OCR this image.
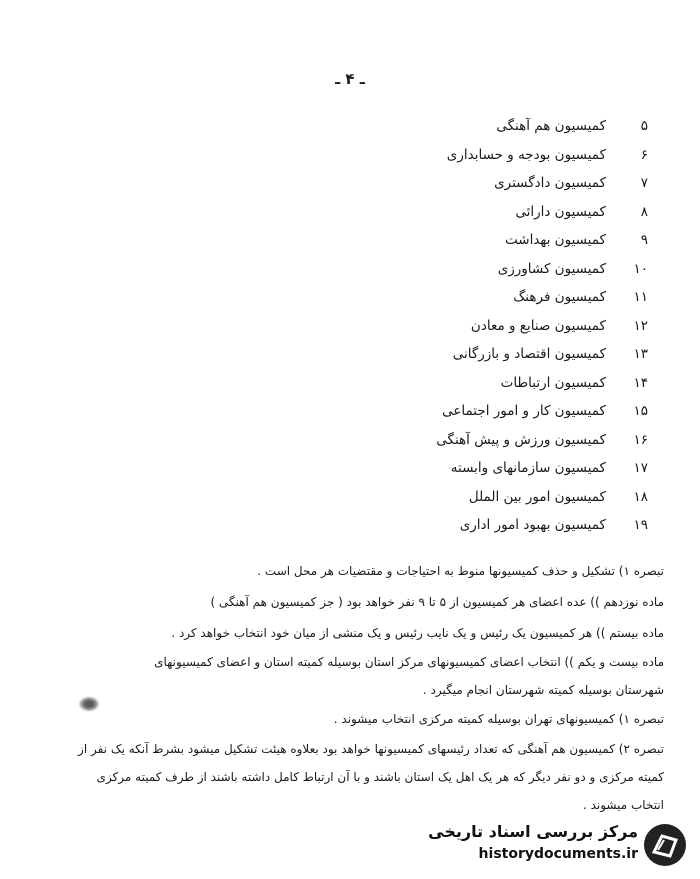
ـ ۴ ـ
۵
کمیسیون هم آهنگی
۶
کمیسیون بودجه و حسابداری
۷
کمیسیون دادگستری
۸
کمیسیون دارائی
۹
کمیسیون بهداشت
۱۰
کمیسیون کشاورزی
۱۱
کمیسیون فرهنگ
۱۲
کمیسیون صنایع و معادن
۱۳
کمیسیون اقتصاد و بازرگانی
۱۴
کمیسیون ارتباطات
۱۵
کمیسیون کار و امور اجتماعی
۱۶
کمیسیون ورزش و پیش آهنگی
۱۷
کمیسیون سازمانهای وابسته
۱۸
کمیسیون امور بین الملل
۱۹
کمیسیون بهبود امور اداری
تبصره ۱) تشکیل و حذف کمیسیونها منوط به احتیاجات و مقتضیات هر محل است .
ماده نوزدهم )) عده اعضای هر کمیسیون از ۵ تا ۹ نفر خواهد بود ( جز کمیسیون هم آهنگی )
ماده بیستم )) هر کمیسیون یک رئیس و یک نایب رئیس و یک منشی از میان خود انتخاب خواهد کرد .
ماده بیست و یکم )) انتخاب اعضای کمیسیونهای مرکز استان بوسیله کمیته استان و اعضای کمیسیونهای
شهرستان بوسیله کمیته شهرستان انجام میگیرد .
تبصره ۱) کمیسیونهای تهران بوسیله کمیته مرکزی انتخاب میشوند .
تبصره ۲) کمیسیون هم آهنگی که تعداد رئیسهای کمیسیونها خواهد بود بعلاوه هیئت تشکیل میشود بشرط آنکه یک نفر از
کمیته مرکزی و دو نفر دیگر که هر یک اهل یک استان باشند و با آن ارتباط کامل داشته باشند از طرف کمیته مرکزی
انتخاب میشوند .
مرکز بررسی اسناد تاریخی
historydocuments.ir
